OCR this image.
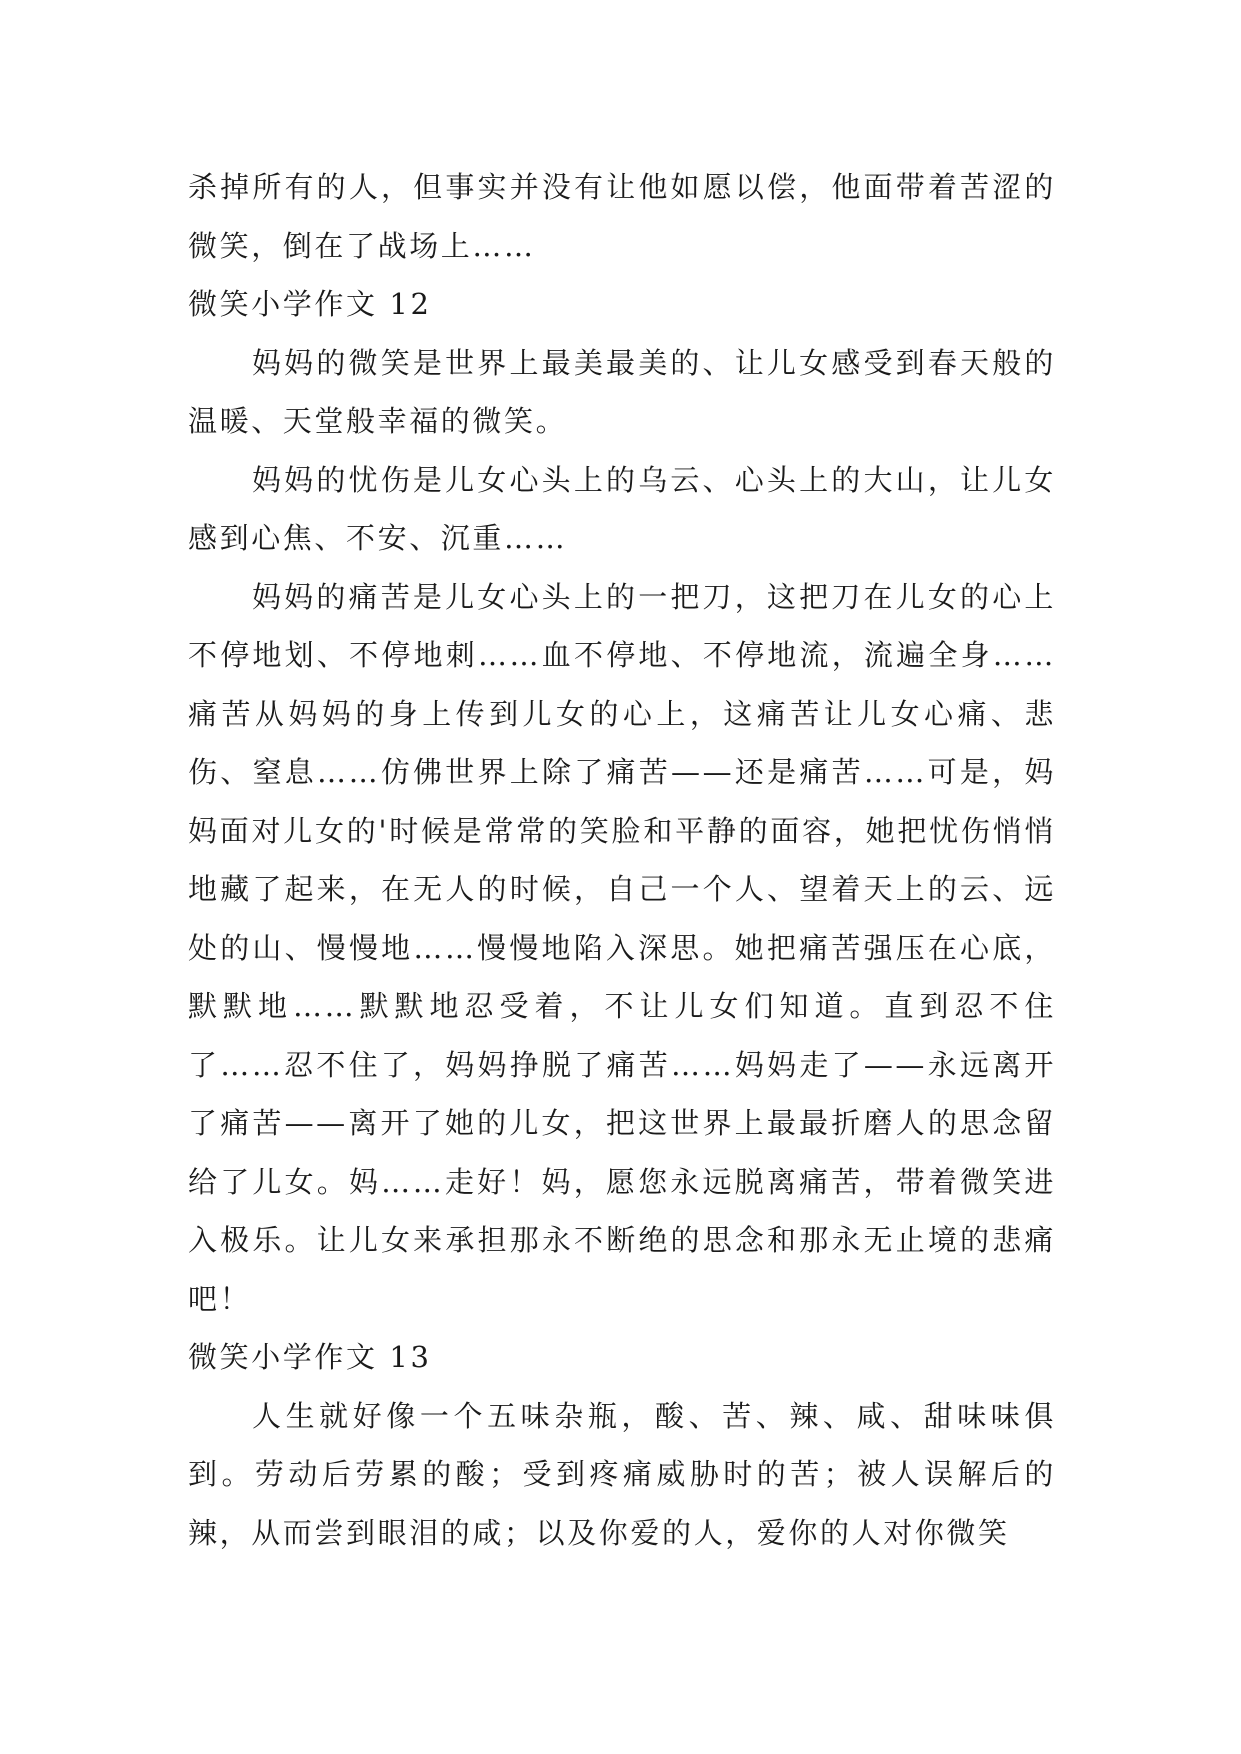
杀掉所有的人，但事实并没有让他如愿以偿，他面带着苦涩的微笑，倒在了战场上……

微笑小学作文 12

妈妈的微笑是世界上最美最美的、让儿女感受到春天般的温暖、天堂般幸福的微笑。

妈妈的忧伤是儿女心头上的乌云、心头上的大山，让儿女感到心焦、不安、沉重……

妈妈的痛苦是儿女心头上的一把刀，这把刀在儿女的心上不停地划、不停地刺……血不停地、不停地流，流遍全身……痛苦从妈妈的身上传到儿女的心上，这痛苦让儿女心痛、悲伤、窒息……仿佛世界上除了痛苦——还是痛苦……可是，妈妈面对儿女的'时候是常常的笑脸和平静的面容，她把忧伤悄悄地藏了起来，在无人的时候，自己一个人、望着天上的云、远处的山、慢慢地……慢慢地陷入深思。她把痛苦强压在心底，默默地……默默地忍受着，不让儿女们知道。直到忍不住了……忍不住了，妈妈挣脱了痛苦……妈妈走了——永远离开了痛苦——离开了她的儿女，把这世界上最最折磨人的思念留给了儿女。妈……走好！妈，愿您永远脱离痛苦，带着微笑进入极乐。让儿女来承担那永不断绝的思念和那永无止境的悲痛吧！

微笑小学作文 13

人生就好像一个五味杂瓶，酸、苦、辣、咸、甜味味俱到。劳动后劳累的酸；受到疼痛威胁时的苦；被人误解后的辣，从而尝到眼泪的咸；以及你爱的人，爱你的人对你微笑
